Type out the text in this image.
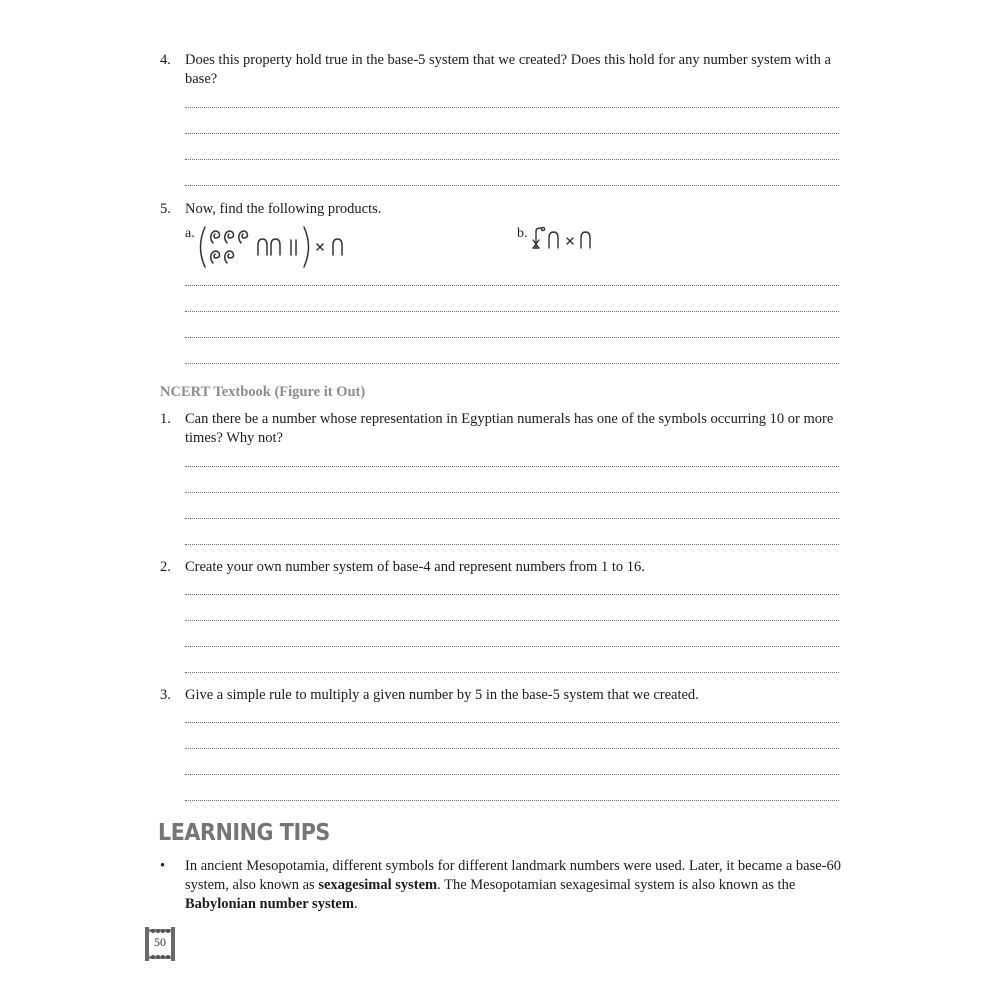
4. Does this property hold true in the base-5 system that we created? Does this hold for any number system with a base?
5. Now, find the following products.
a.	b.
NCERT Textbook (Figure it Out)
1. Can there be a number whose representation in Egyptian numerals has one of the symbols occurring 10 or more times? Why not?
2. Create your own number system of base-4 and represent numbers from 1 to 16.
3. Give a simple rule to multiply a given number by 5 in the base-5 system that we created.
LEARNING TIPS
• In ancient Mesopotamia, different symbols for different landmark numbers were used. Later, it became a base-60 system, also known as sexagesimal system. The Mesopotamian sexagesimal system is also known as the Babylonian number system.
50
